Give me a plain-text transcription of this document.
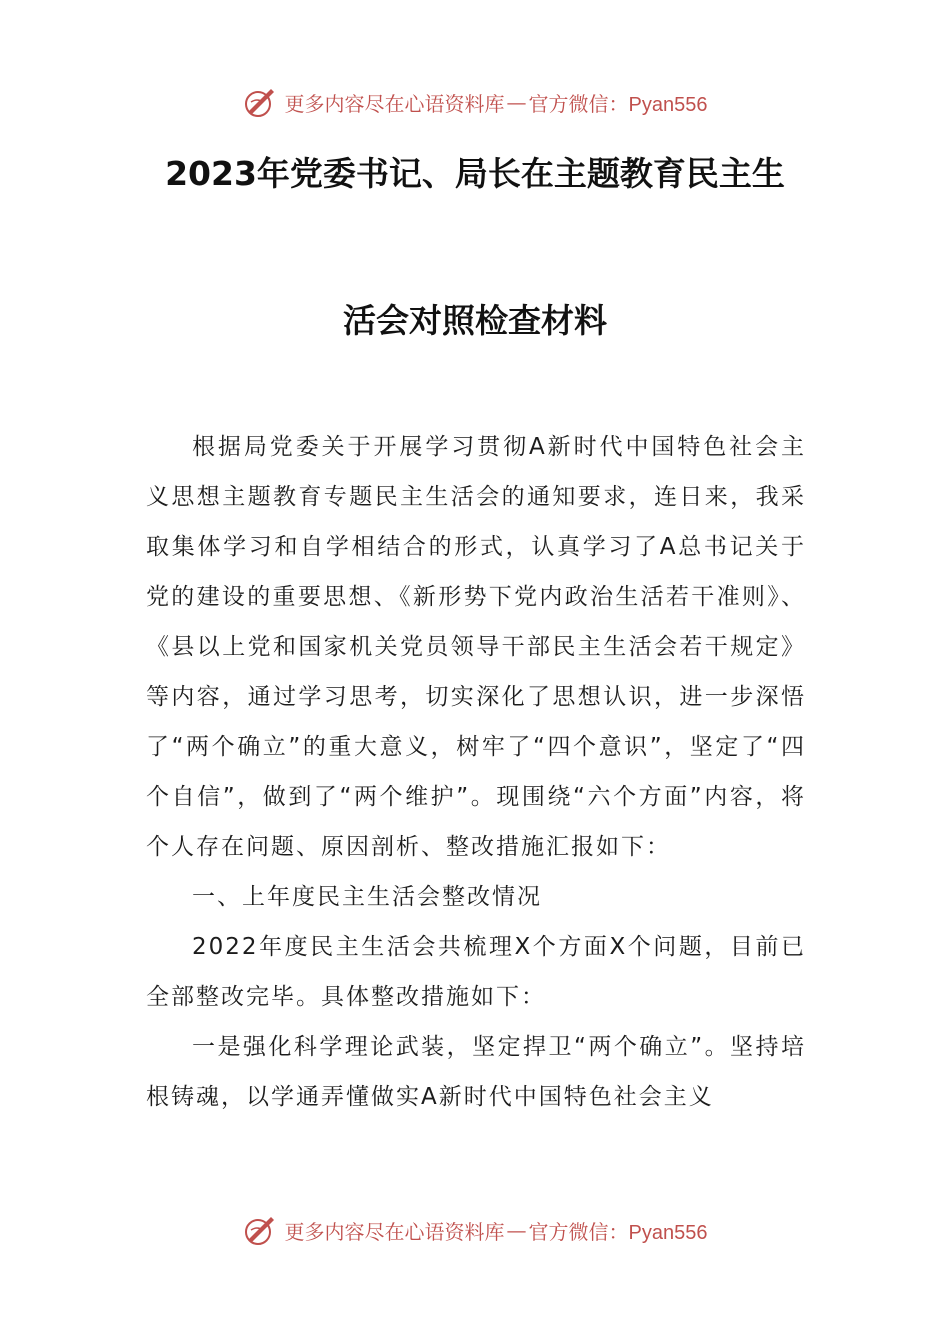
更多内容尽在心语资料库 — 官方微信：Pyan556
2023年党委书记、局长在主题教育民主生
活会对照检查材料

根据局党委关于开展学习贯彻A新时代中国特色社会主义思想主题教育专题民主生活会的通知要求，连日来，我采取集体学习和自学相结合的形式，认真学习了A总书记关于党的建设的重要思想、《新形势下党内政治生活若干准则》、《县以上党和国家机关党员领导干部民主生活会若干规定》等内容，通过学习思考，切实深化了思想认识，进一步深悟了“两个确立”的重大意义，树牢了“四个意识”，坚定了“四个自信”，做到了“两个维护”。现围绕“六个方面”内容，将个人存在问题、原因剖析、整改措施汇报如下：

一、上年度民主生活会整改情况

2022年度民主生活会共梳理X个方面X个问题，目前已全部整改完毕。具体整改措施如下：

一是强化科学理论武装，坚定捍卫“两个确立”。坚持培根铸魂，以学通弄懂做实A新时代中国特色社会主义

更多内容尽在心语资料库 — 官方微信：Pyan556
